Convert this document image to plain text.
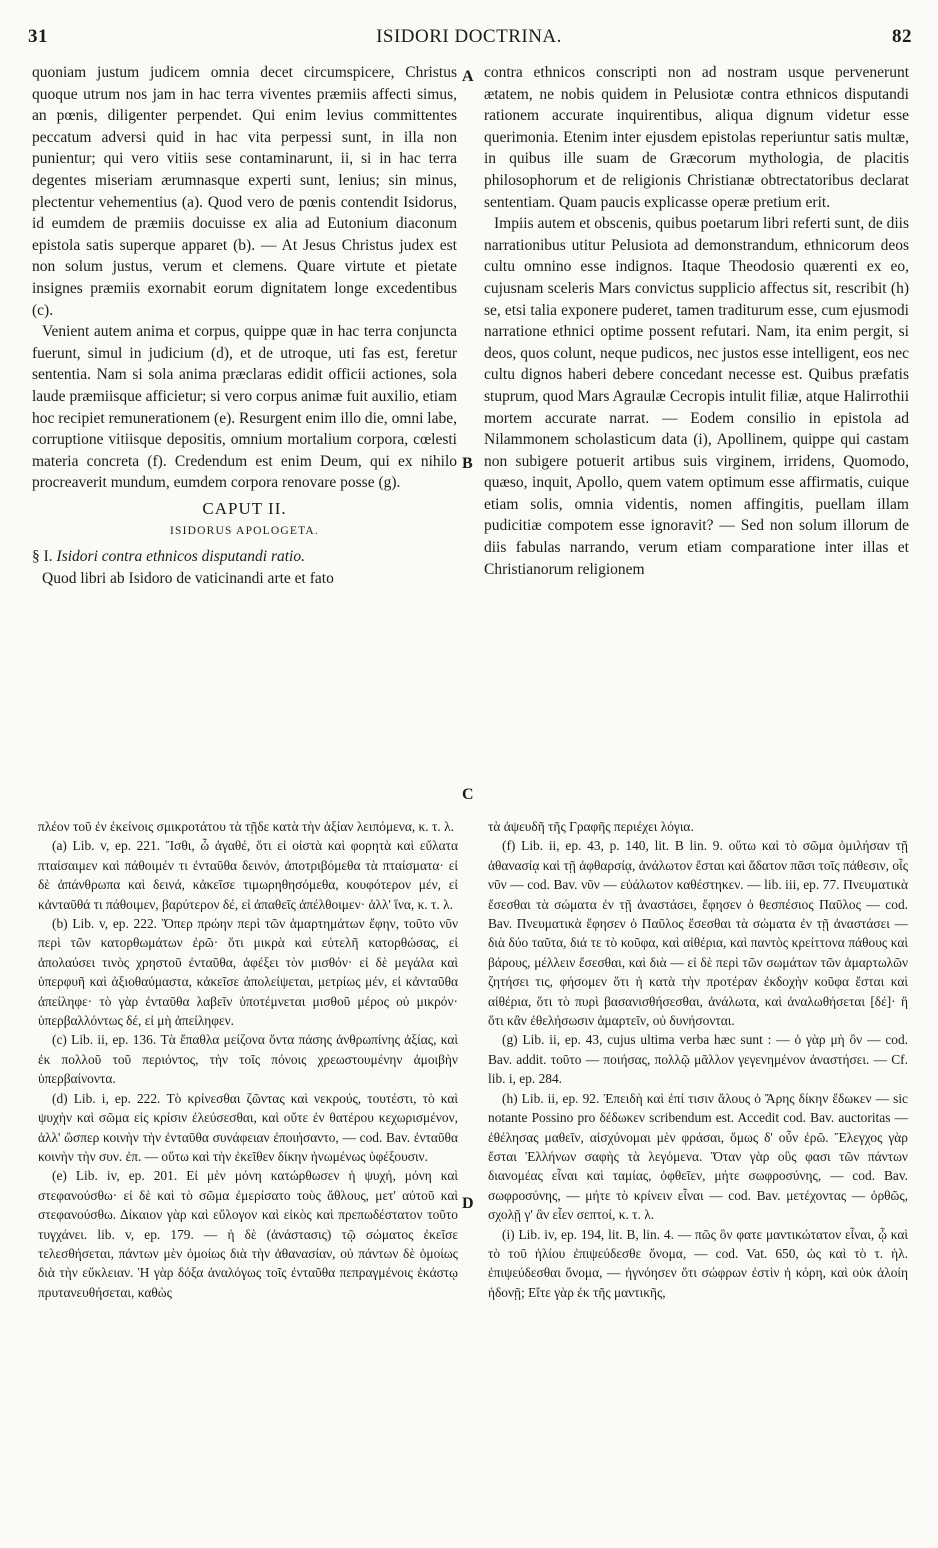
31	ISIDORI DOCTRINA.	82
A
B
C

quoniam justum judicem omnia decet circumspicere, Christus quoque utrum nos jam in hac terra viventes præmiis affecti simus, an pœnis, diligenter perpendet. Qui enim levius committentes peccatum adversi quid in hac vita perpessi sunt, in illa non punientur; qui vero vitiis sese contaminarunt, ii, si in hac terra degentes miseriam ærumnasque experti sunt, lenius; sin minus, plectentur vehementius (a). Quod vero de pœnis contendit Isidorus, id eumdem de præmiis docuisse ex alia ad Eutonium diaconum epistola satis superque apparet (b). — At Jesus Christus judex est non solum justus, verum et clemens. Quare virtute et pietate insignes præmiis exornabit eorum dignitatem longe excedentibus (c).

Venient autem anima et corpus, quippe quæ in hac terra conjuncta fuerunt, simul in judicium (d), et de utroque, uti fas est, feretur sententia. Nam si sola anima præclaras edidit officii actiones, sola laude præmiisque afficietur; si vero corpus animæ fuit auxilio, etiam hoc recipiet remunerationem (e). Resurgent enim illo die, omni labe, corruptione vitiisque depositis, omnium mortalium corpora, cœlesti materia concreta (f). Credendum est enim Deum, qui ex nihilo procreaverit mundum, eumdem corpora renovare posse (g).

CAPUT II.

ISIDORUS APOLOGETA.

§ I. Isidori contra ethnicos disputandi ratio.

Quod libri ab Isidoro de vaticinandi arte et fato

contra ethnicos conscripti non ad nostram usque pervenerunt ætatem, ne nobis quidem in Pelusiotæ contra ethnicos disputandi rationem accurate inquirentibus, aliqua dignum videtur esse querimonia. Etenim inter ejusdem epistolas reperiuntur satis multæ, in quibus ille suam de Græcorum mythologia, de placitis philosophorum et de religionis Christianæ obtrectatoribus declarat sententiam. Quam paucis explicasse operæ pretium erit.

Impiis autem et obscenis, quibus poetarum libri referti sunt, de diis narrationibus utitur Pelusiota ad demonstrandum, ethnicorum deos cultu omnino esse indignos. Itaque Theodosio quærenti ex eo, cujusnam sceleris Mars convictus supplicio affectus sit, rescribit (h) se, etsi talia exponere puderet, tamen traditurum esse, cum ejusmodi narratione ethnici optime possent refutari. Nam, ita enim pergit, si deos, quos colunt, neque pudicos, nec justos esse intelligent, eos nec cultu dignos haberi debere concedant necesse est. Quibus præfatis stuprum, quod Mars Agraulæ Cecropis intulit filiæ, atque Halirrothii mortem accurate narrat. — Eodem consilio in epistola ad Nilammonem scholasticum data (i), Apollinem, quippe qui castam non subigere potuerit artibus suis virginem, irridens, Quomodo, quæso, inquit, Apollo, quem vatem optimum esse affirmatis, cuique etiam solis, omnia videntis, nomen affingitis, puellam illam pudicitiæ compotem esse ignoravit? — Sed non solum illorum de diis fabulas narrando, verum etiam comparatione inter illas et Christianorum religionem

D

πλέον τοῦ ἐν ἐκείνοις σμικροτάτου τὰ τῇδε κατὰ τὴν ἀξίαν λειπόμενα, κ. τ. λ.

(a) Lib. v, ep. 221. Ἴσθι, ὦ ἀγαθέ, ὅτι εἰ οἰστὰ καὶ φορητὰ καὶ εὔλατα πταίσαιμεν καὶ πάθοιμέν τι ἐνταῦθα δεινόν, ἀποτριβόμεθα τὰ πταίσματα· εἰ δὲ ἀπάνθρωπα καὶ δεινά, κἀκεῖσε τιμωρηθησόμεθα, κουφότερον μέν, εἰ κἀνταῦθά τι πάθοιμεν, βαρύτερον δέ, εἰ ἀπαθεῖς ἀπέλθοιμεν· ἀλλ' ἵνα, κ. τ. λ.

(b) Lib. v, ep. 222. Ὅπερ πρώην περὶ τῶν ἁμαρτημάτων ἔφην, τοῦτο νῦν περὶ τῶν κατορθωμάτων ἐρῶ· ὅτι μικρὰ καὶ εὐτελῆ κατορθώσας, εἰ ἀπολαύσει τινὸς χρηστοῦ ἐνταῦθα, ἀφέξει τὸν μισθόν· εἰ δὲ μεγάλα καὶ ὑπερφυῆ καὶ ἀξιοθαύμαστα, κἀκεῖσε ἀπολείψεται, μετρίως μέν, εἰ κἀνταῦθα ἀπείληφε· τὸ γὰρ ἐνταῦθα λαβεῖν ὑποτέμνεται μισθοῦ μέρος οὐ μικρόν· ὑπερβαλλόντως δέ, εἰ μὴ ἀπείληφεν.

(c) Lib. ii, ep. 136. Τὰ ἔπαθλα μείζονα ὄντα πάσης ἀνθρωπίνης ἀξίας, καὶ ἐκ πολλοῦ τοῦ περιόντος, τὴν τοῖς πόνοις χρεωστουμένην ἀμοιβὴν ὑπερβαίνοντα.

(d) Lib. i, ep. 222. Τὸ κρίνεσθαι ζῶντας καὶ νεκρούς, τουτέστι, τὸ καὶ ψυχὴν καὶ σῶμα εἰς κρίσιν ἐλεύσεσθαι, καὶ οὔτε ἐν θατέρου κεχωρισμένον, ἀλλ' ὥσπερ κοινὴν τὴν ἐνταῦθα συνάφειαν ἐποιήσαντο, — cod. Bav. ἐνταῦθα κοινὴν τὴν συν. ἐπ. — οὕτω καὶ τὴν ἐκεῖθεν δίκην ἠνωμένως ὑφέξουσιν.

(e) Lib. iv, ep. 201. Εἰ μὲν μόνη κατώρθωσεν ἡ ψυχή, μόνη καὶ στεφανούσθω· εἰ δὲ καὶ τὸ σῶμα ἐμερίσατο τοὺς ἄθλους, μετ' αὐτοῦ καὶ στεφανούσθω. Δίκαιον γὰρ καὶ εὔλογον καὶ εἰκὸς καὶ πρεπωδέστατον τοῦτο τυγχάνει. lib. v, ep. 179. — ἡ δὲ (ἀνάστασις) τῷ σώματος ἐκεῖσε τελεσθήσεται, πάντων μὲν ὁμοίως διὰ τὴν ἀθανασίαν, οὐ πάντων δὲ ὁμοίως διὰ τὴν εὔκλειαν. Ἡ γὰρ δόξα ἀναλόγως τοῖς ἐνταῦθα πεπραγμένοις ἑκάστῳ πρυτανευθήσεται, καθὼς

τὰ ἀψευδῆ τῆς Γραφῆς περιέχει λόγια.

(f) Lib. ii, ep. 43, p. 140, lit. B lin. 9. οὕτω καὶ τὸ σῶμα ὁμιλήσαν τῇ ἀθανασίᾳ καὶ τῇ ἀφθαρσίᾳ, ἀνάλωτον ἔσται καὶ ἄδατον πᾶσι τοῖς πάθεσιν, οἷς νῦν — cod. Bav. νῦν — εὐάλωτον καθέστηκεν. — lib. iii, ep. 77. Πνευματικὰ ἔσεσθαι τὰ σώματα ἐν τῇ ἀναστάσει, ἔφησεν ὁ θεσπέσιος Παῦλος — cod. Bav. Πνευματικὰ ἔφησεν ὁ Παῦλος ἔσεσθαι τὰ σώματα ἐν τῇ ἀναστάσει — διὰ δύο ταῦτα, διά τε τὸ κοῦφα, καὶ αἰθέρια, καὶ παντὸς κρείττονα πάθους καὶ βάρους, μέλλειν ἔσεσθαι, καὶ διὰ — εἰ δὲ περὶ τῶν σωμάτων τῶν ἁμαρτωλῶν ζητήσει τις, φήσομεν ὅτι ἡ κατὰ τὴν προτέραν ἐκδοχὴν κοῦφα ἔσται καὶ αἰθέρια, ὅτι τὸ πυρὶ βασανισθήσεσθαι, ἀνάλωτα, καὶ ἀναλωθήσεται [δέ]· ἢ ὅτι κἂν ἐθελήσωσιν ἁμαρτεῖν, οὐ δυνήσονται.

(g) Lib. ii, ep. 43, cujus ultima verba hæc sunt : — ὁ γὰρ μὴ ὂν — cod. Bav. addit. τοῦτο — ποιήσας, πολλῷ μᾶλλον γεγενημένον ἀναστήσει. — Cf. lib. i, ep. 284.

(h) Lib. ii, ep. 92. Ἐπειδὴ καὶ ἐπί τισιν ἄλους ὁ Ἄρης δίκην ἔδωκεν — sic notante Possino pro δέδωκεν scribendum est. Accedit cod. Bav. auctoritas — ἐθέλησας μαθεῖν, αἰσχύνομαι μὲν φράσαι, ὅμως δ' οὖν ἐρῶ. Ἔλεγχος γὰρ ἔσται Ἑλλήνων σαφὴς τὰ λεγόμενα. Ὅταν γὰρ οὓς φασι τῶν πάντων διανομέας εἶναι καὶ ταμίας, ὀφθεῖεν, μήτε σωφροσύνης, — cod. Bav. σωφροσύνης, — μήτε τὸ κρίνειν εἶναι — cod. Bav. μετέχοντας — ὀρθῶς, σχολῇ γ' ἂν εἶεν σεπτοί, κ. τ. λ.

(i) Lib. iv, ep. 194, lit. B, lin. 4. — πῶς ὃν φατε μαντικώτατον εἶναι, ᾧ καὶ τὸ τοῦ ἡλίου ἐπιψεύδεσθε ὄνομα, — cod. Vat. 650, ὡς καὶ τὸ τ. ἡλ. ἐπιψεύδεσθαι ὄνομα, — ἠγνόησεν ὅτι σώφρων ἐστὶν ἡ κόρη, καὶ οὐκ ἁλοίη ἡδονῇ; Εἴτε γὰρ ἐκ τῆς μαντικῆς,
